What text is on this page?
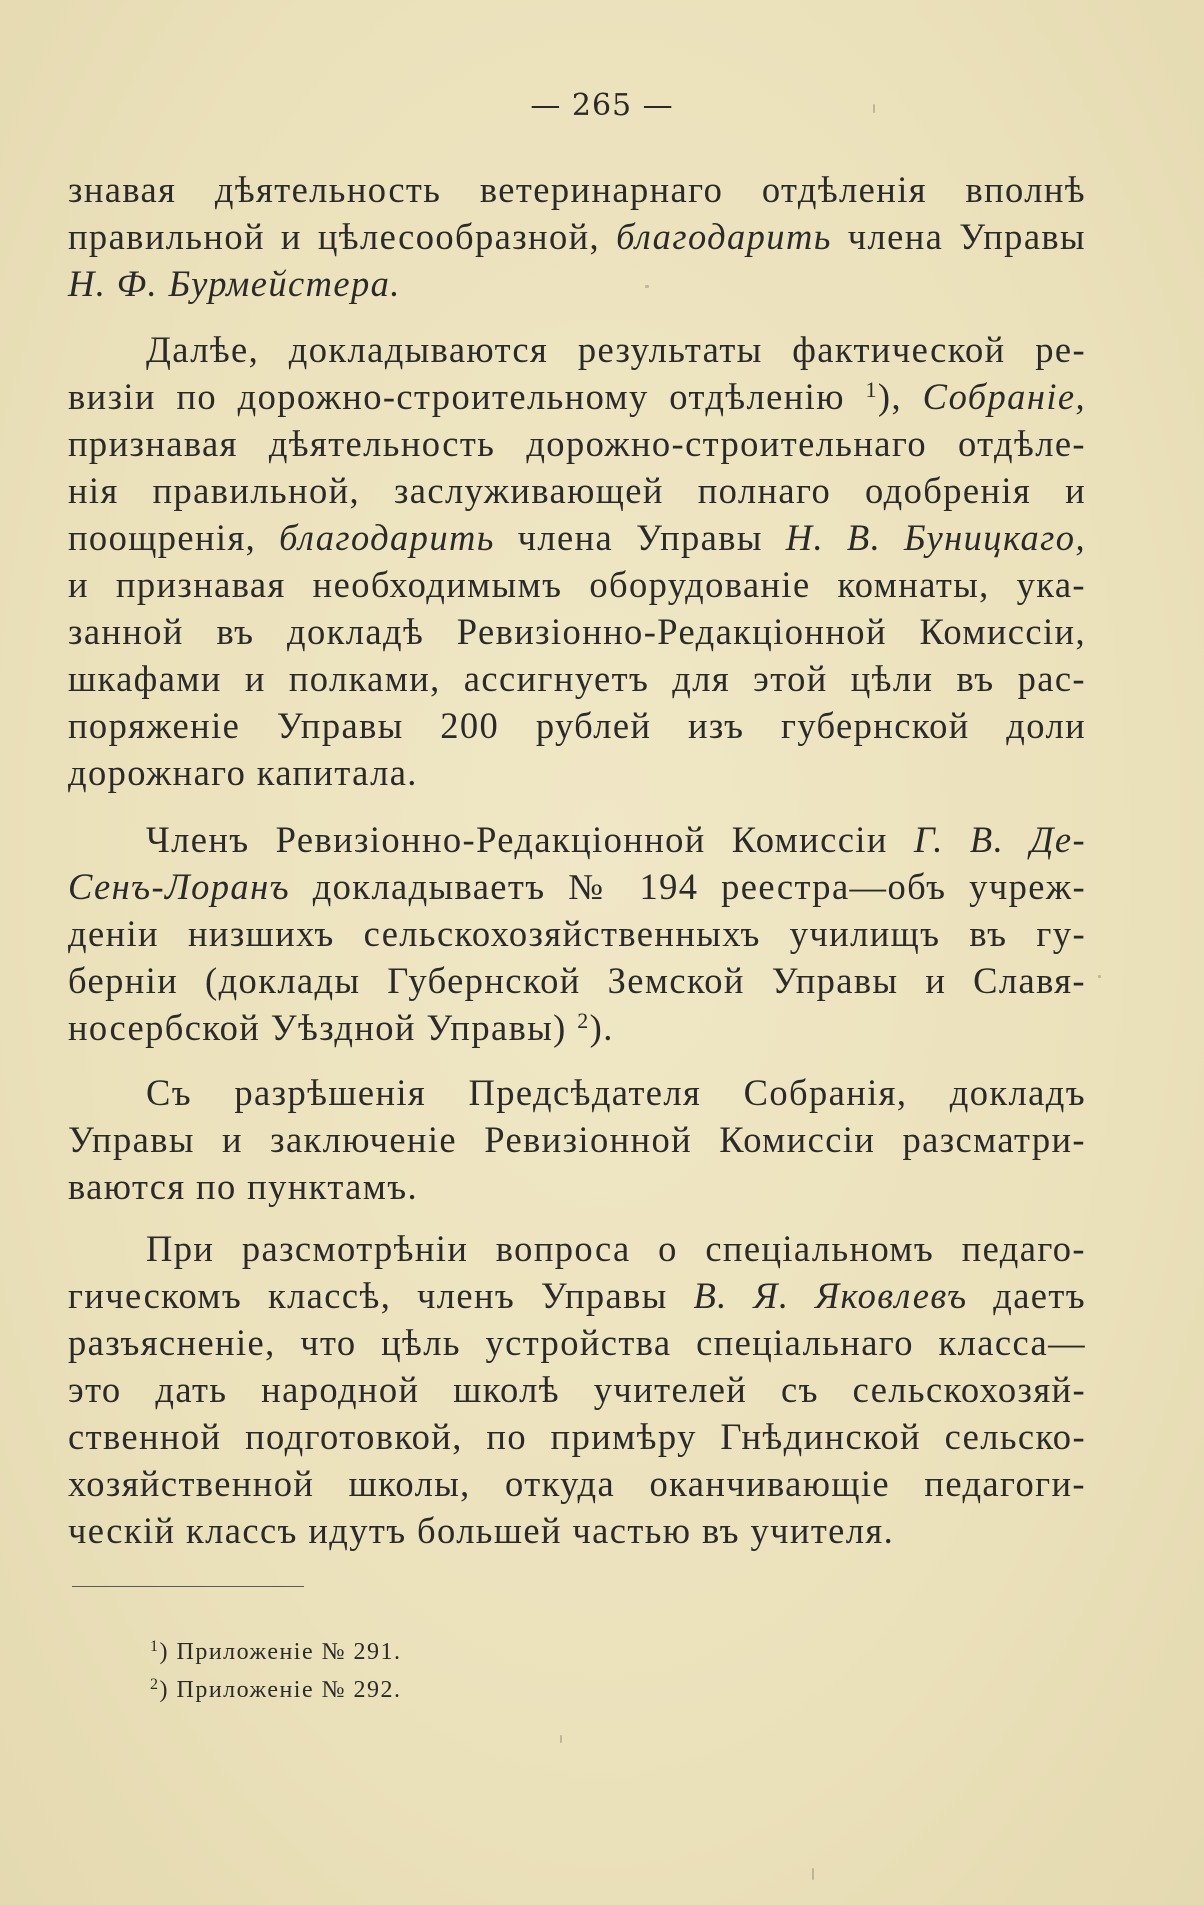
— 265 —
знавая дѣятельность ветеринарнаго отдѣленія вполнѣ
правильной и цѣлесообразной, благодарить члена Управы
Н. Ф. Бурмейстера.
Далѣе, докладываются результаты фактической ре-
визіи по дорожно-строительному отдѣленію $^1$), Собраніе,
признавая дѣятельность дорожно-строительнаго отдѣле-
нія правильной, заслуживающей полнаго одобренія и
поощренія, благодарить члена Управы Н. В. Буницкаго,
и признавая необходимымъ оборудованіе комнаты, ука-
занной въ докладѣ Ревизіонно-Редакціонной Комиссіи,
шкафами и полками, ассигнуетъ для этой цѣли въ рас-
поряженіе Управы 200 рублей изъ губернской доли
дорожнаго капитала.
Членъ Ревизіонно-Редакціонной Комиссіи Г. В. Де-
Сенъ-Лоранъ докладываетъ № 194 реестра—объ учреж-
деніи низшихъ сельскохозяйственныхъ училищъ въ гу-
берніи (доклады Губернской Земской Управы и Славя-
носербской Уѣздной Управы) $^2$).
Съ разрѣшенія Предсѣдателя Собранія, докладъ
Управы и заключеніе Ревизіонной Комиссіи разсматри-
ваются по пунктамъ.
При разсмотрѣніи вопроса о спеціальномъ педаго-
гическомъ классѣ, членъ Управы В. Я. Яковлевъ даетъ
разъясненіе, что цѣль устройства спеціальнаго класса—
это дать народной школѣ учителей съ сельскохозяй-
ственной подготовкой, по примѣру Гнѣдинской сельско-
хозяйственной школы, откуда оканчивающіе педагоги-
ческій классъ идутъ большей частью въ учителя.
$^1$) Приложеніе № 291.
$^2$) Приложеніе № 292.
